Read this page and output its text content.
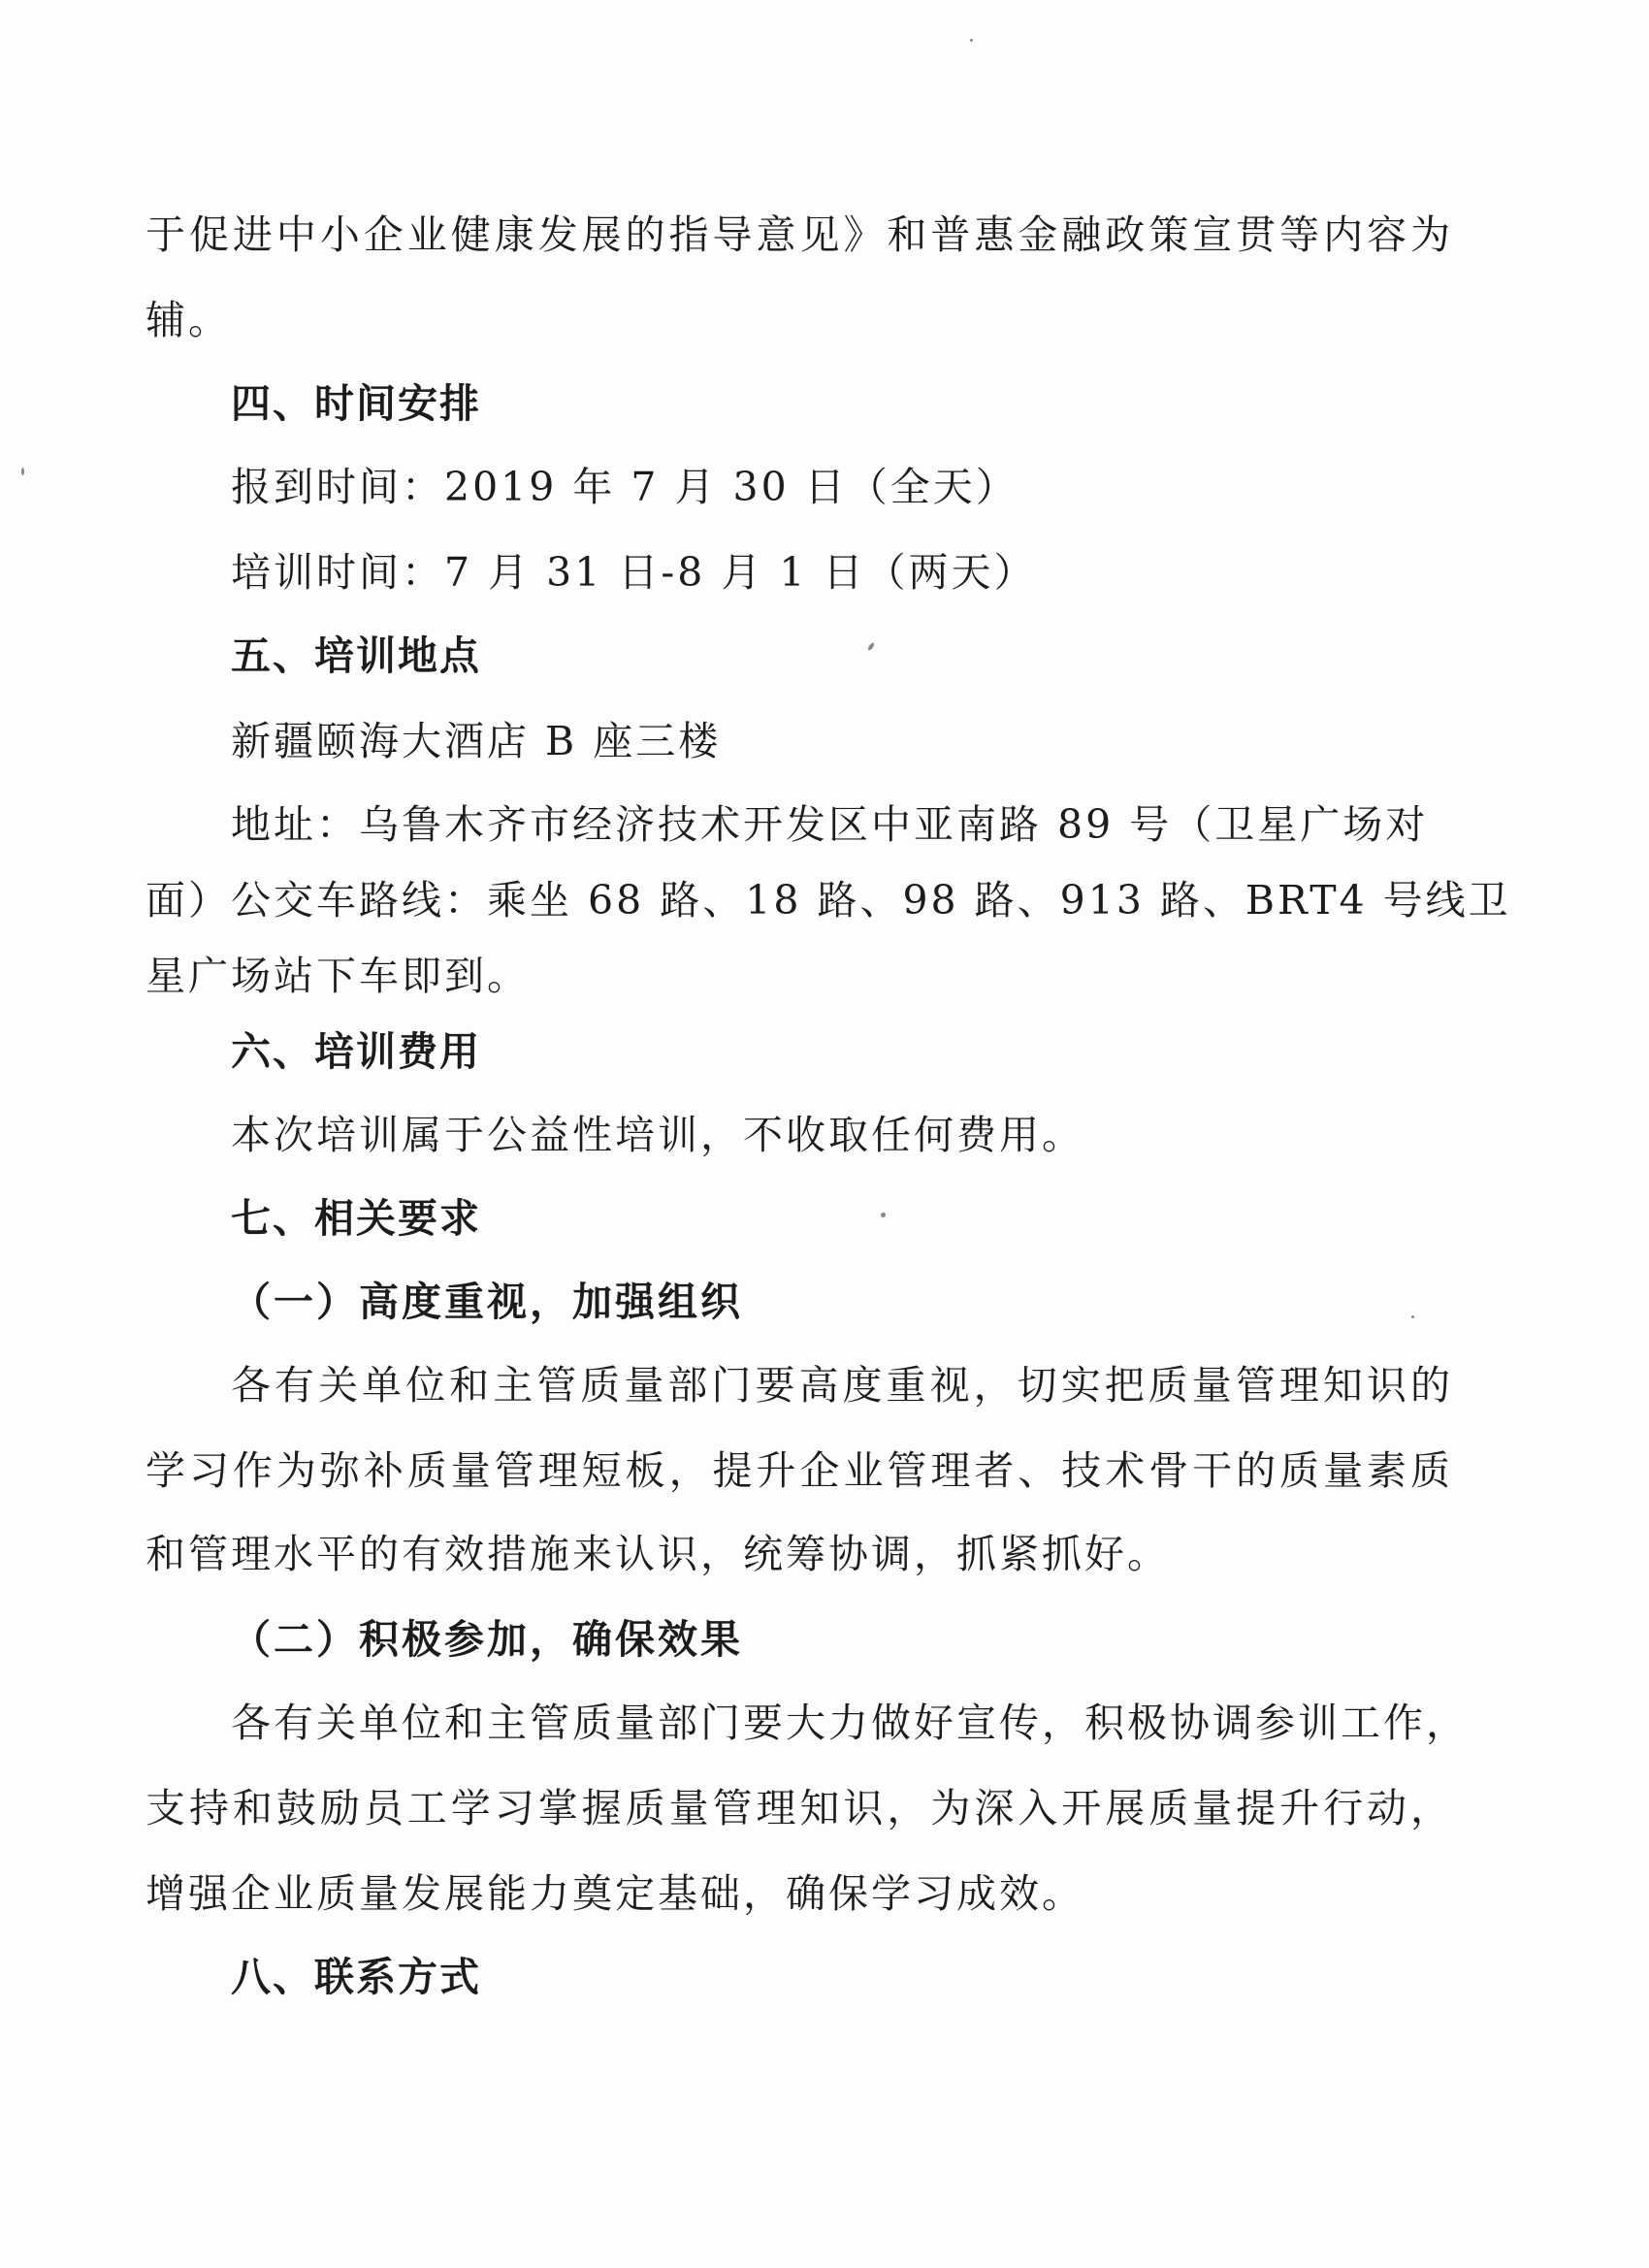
于促进中小企业健康发展的指导意见》和普惠金融政策宣贯等内容为
辅。
四、时间安排
报到时间：2019 年 7 月 30 日（全天）
培训时间：7 月 31 日-8 月 1 日（两天）
五、培训地点
新疆颐海大酒店 B 座三楼
地址：乌鲁木齐市经济技术开发区中亚南路 89 号（卫星广场对
面）公交车路线：乘坐 68 路、18 路、98 路、913 路、BRT4 号线卫
星广场站下车即到。
六、培训费用
本次培训属于公益性培训，不收取任何费用。
七、相关要求
（一）高度重视，加强组织
各有关单位和主管质量部门要高度重视，切实把质量管理知识的
学习作为弥补质量管理短板，提升企业管理者、技术骨干的质量素质
和管理水平的有效措施来认识，统筹协调，抓紧抓好。
（二）积极参加，确保效果
各有关单位和主管质量部门要大力做好宣传，积极协调参训工作，
支持和鼓励员工学习掌握质量管理知识，为深入开展质量提升行动，
增强企业质量发展能力奠定基础，确保学习成效。
八、联系方式
